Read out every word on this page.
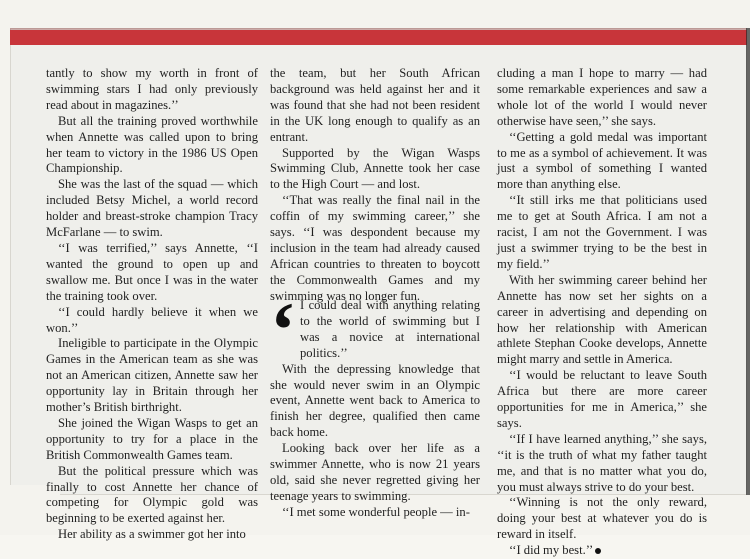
tantly to show my worth in front of swimming stars I had only previously read about in magazines.’’

But all the training proved worthwhile when Annette was called upon to bring her team to victory in the 1986 US Open Championship.

She was the last of the squad — which included Betsy Michel, a world record holder and breast-stroke champion Tracy McFarlane — to swim.

‘‘I was terrified,’’ says Annette, ‘‘I wanted the ground to open up and swallow me. But once I was in the water the training took over.

‘‘I could hardly believe it when we won.’’

Ineligible to participate in the Olympic Games in the American team as she was not an American citizen, Annette saw her opportunity lay in Britain through her mother’s British birthright.

She joined the Wigan Wasps to get an opportunity to try for a place in the British Commonwealth Games team.

But the political pressure which was finally to cost Annette her chance of competing for Olympic gold was beginning to be exerted against her.

Her ability as a swimmer got her into

the team, but her South African background was held against her and it was found that she had not been resident in the UK long enough to qualify as an entrant.

Supported by the Wigan Wasps Swimming Club, Annette took her case to the High Court — and lost.

‘‘That was really the final nail in the coffin of my swimming career,’’ she says. ‘‘I was despondent because my inclusion in the team had already caused African countries to threaten to boycott the Commonwealth Games and my swimming was no longer fun.

‘ I could deal with anything relating to the world of swimming but I was a novice at international politics.’’

With the depressing knowledge that she would never swim in an Olympic event, Annette went back to America to finish her degree, qualified then came back home.

Looking back over her life as a swimmer Annette, who is now 21 years old, said she never regretted giving her teenage years to swimming.

‘‘I met some wonderful people — in-

cluding a man I hope to marry — had some remarkable experiences and saw a whole lot of the world I would never otherwise have seen,’’ she says.

‘‘Getting a gold medal was important to me as a symbol of achievement. It was just a symbol of something I wanted more than anything else.

‘‘It still irks me that politicians used me to get at South Africa. I am not a racist, I am not the Government. I was just a swimmer trying to be the best in my field.’’

With her swimming career behind her Annette has now set her sights on a career in advertising and depending on how her relationship with American athlete Stephan Cooke develops, Annette might marry and settle in America.

‘‘I would be reluctant to leave South Africa but there are more career opportunities for me in America,’’ she says.

‘‘If I have learned anything,’’ she says, ‘‘it is the truth of what my father taught me, and that is no matter what you do, you must always strive to do your best.

‘‘Winning is not the only reward, doing your best at whatever you do is reward in itself.

‘‘I did my best.’’
